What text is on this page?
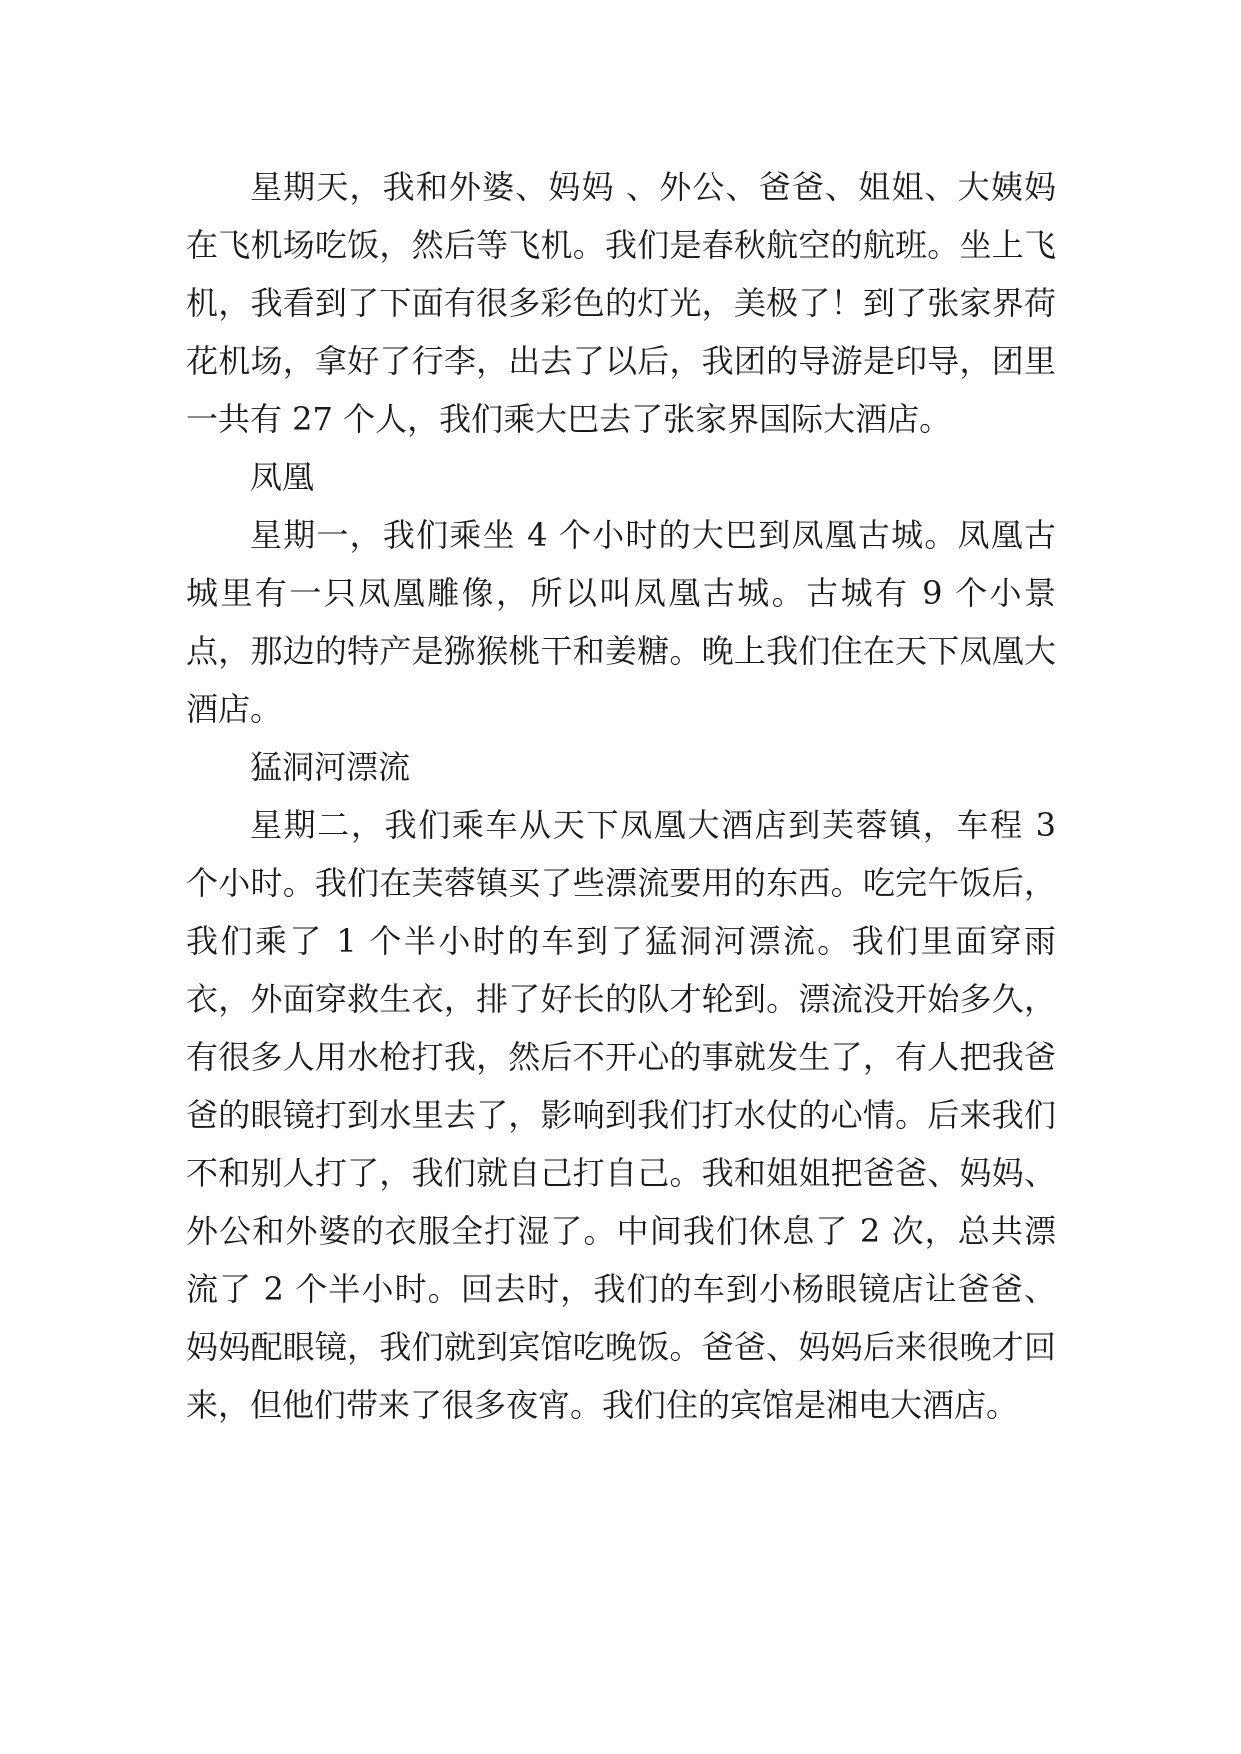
星期天，我和外婆、妈妈 、外公、爸爸、姐姐、大姨妈在飞机场吃饭，然后等飞机。我们是春秋航空的航班。坐上飞机，我看到了下面有很多彩色的灯光，美极了！到了张家界荷花机场，拿好了行李，出去了以后，我团的导游是印导，团里一共有 27 个人，我们乘大巴去了张家界国际大酒店。

凤凰

星期一，我们乘坐 4 个小时的大巴到凤凰古城。凤凰古城里有一只凤凰雕像，所以叫凤凰古城。古城有 9 个小景点，那边的特产是猕猴桃干和姜糖。晚上我们住在天下凤凰大酒店。

猛洞河漂流

星期二，我们乘车从天下凤凰大酒店到芙蓉镇，车程 3 个小时。我们在芙蓉镇买了些漂流要用的东西。吃完午饭后，我们乘了 1 个半小时的车到了猛洞河漂流。我们里面穿雨衣，外面穿救生衣，排了好长的队才轮到。漂流没开始多久，有很多人用水枪打我，然后不开心的事就发生了，有人把我爸爸的眼镜打到水里去了，影响到我们打水仗的心情。后来我们不和别人打了，我们就自己打自己。我和姐姐把爸爸、妈妈、外公和外婆的衣服全打湿了。中间我们休息了 2 次，总共漂流了 2 个半小时。回去时，我们的车到小杨眼镜店让爸爸、妈妈配眼镜，我们就到宾馆吃晚饭。爸爸、妈妈后来很晚才回来，但他们带来了很多夜宵。我们住的宾馆是湘电大酒店。
